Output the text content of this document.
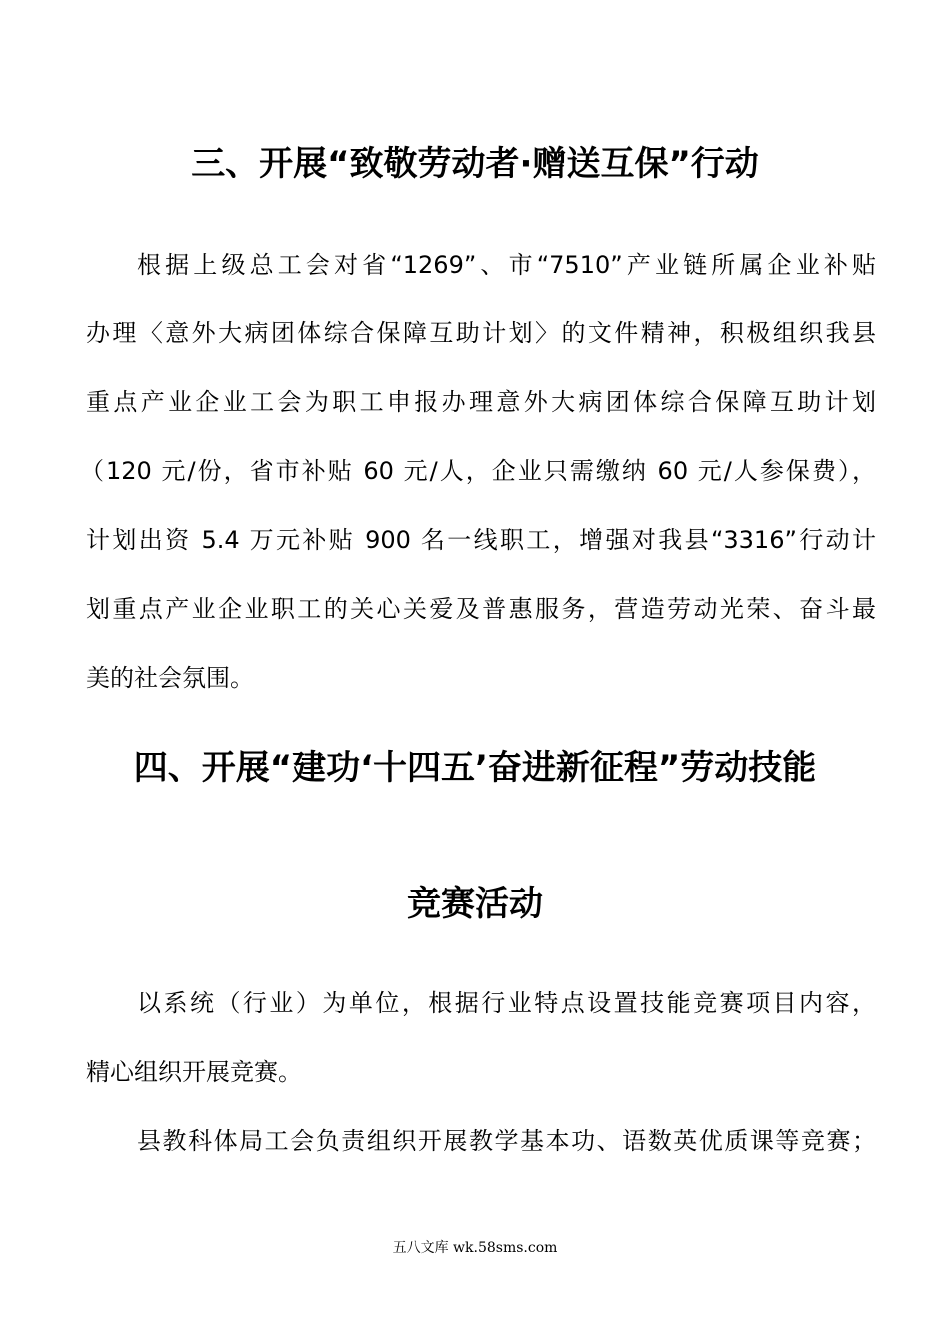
三、开展“致敬劳动者·赠送互保”行动
根据上级总工会对省“1269”、市“7510”产业链所属企业补贴
办理〈意外大病团体综合保障互助计划〉的文件精神，积极组织我县
重点产业企业工会为职工申报办理意外大病团体综合保障互助计划
（120 元/份，省市补贴 60 元/人，企业只需缴纳 60 元/人参保费），
计划出资 5.4 万元补贴 900 名一线职工，增强对我县“3316”行动计
划重点产业企业职工的关心关爱及普惠服务，营造劳动光荣、奋斗最
美的社会氛围。
四、开展“建功‘十四五’奋进新征程”劳动技能
竞赛活动
以系统（行业）为单位，根据行业特点设置技能竞赛项目内容，
精心组织开展竞赛。
县教科体局工会负责组织开展教学基本功、语数英优质课等竞赛；
五八文库 wk.58sms.com
